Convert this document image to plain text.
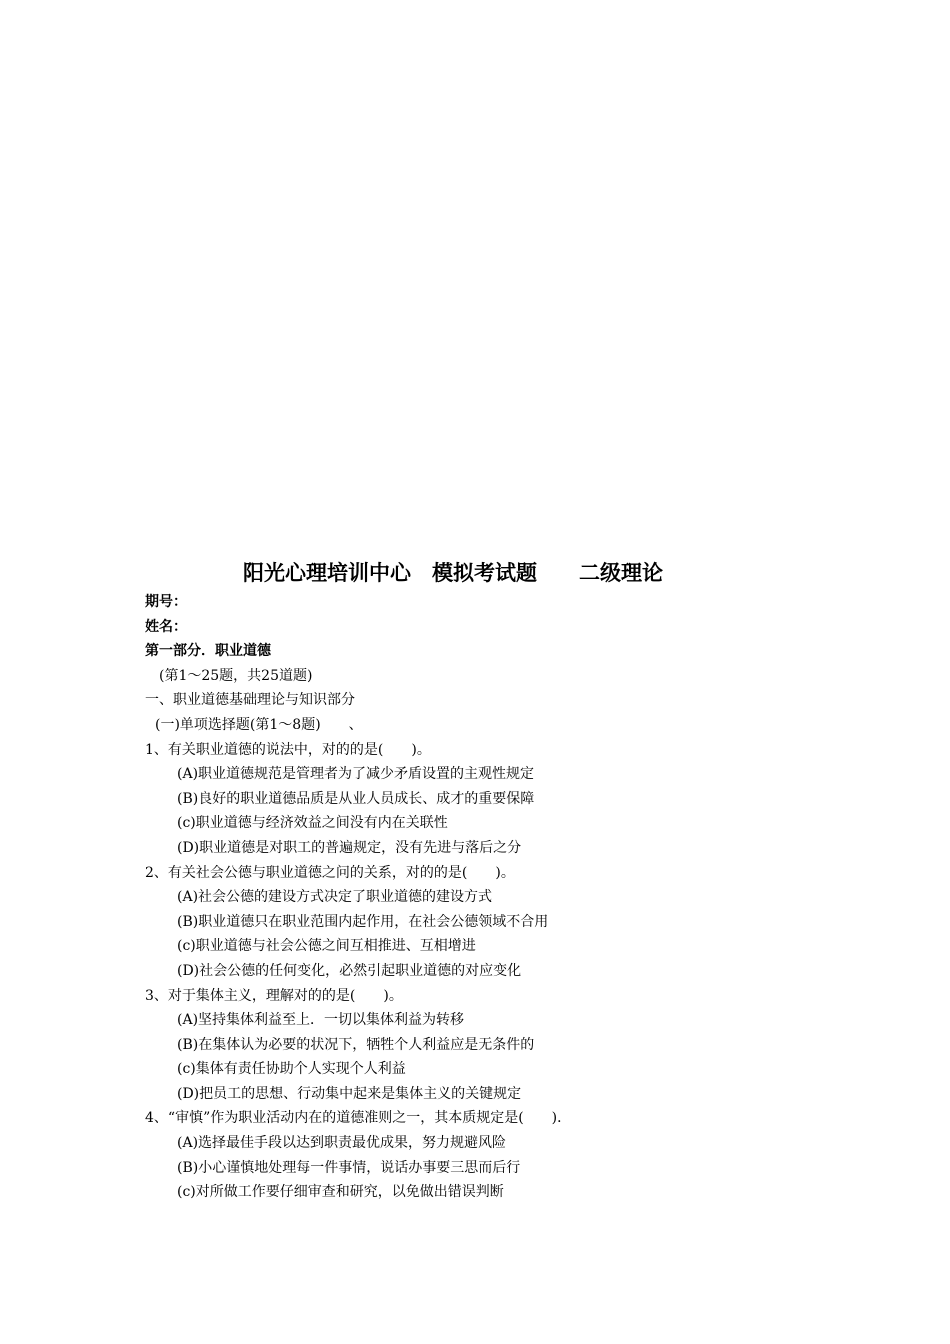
阳光心理培训中心　模拟考试题　　二级理论
期号：
姓名：
第一部分．职业道德
(第1～25题，共25道题)
一、职业道德基础理论与知识部分
(一)单项选择题(第1～8题)　　、
1、有关职业道德的说法中，对的的是(　　)。
(A)职业道德规范是管理者为了减少矛盾设置的主观性规定
(B)良好的职业道德品质是从业人员成长、成才的重要保障
(c)职业道德与经济效益之间没有内在关联性
(D)职业道德是对职工的普遍规定，没有先进与落后之分
2、有关社会公德与职业道德之问的关系，对的的是(　　)。
(A)社会公德的建设方式决定了职业道德的建设方式
(B)职业道德只在职业范围内起作用，在社会公德领域不合用
(c)职业道德与社会公德之间互相推进、互相增进
(D)社会公德的任何变化，必然引起职业道德的对应变化
3、对于集体主义，理解对的的是(　　)。
(A)坚持集体利益至上．一切以集体利益为转移
(B)在集体认为必要的状况下，牺牲个人利益应是无条件的
(c)集体有责任协助个人实现个人利益
(D)把员工的思想、行动集中起来是集体主义的关键规定
4、“审慎”作为职业活动内在的道德准则之一，其本质规定是(　　)．
(A)选择最佳手段以达到职责最优成果，努力规避风险
(B)小心谨慎地处理每一件事情，说话办事要三思而后行
(c)对所做工作要仔细审查和研究，以免做出错误判断
